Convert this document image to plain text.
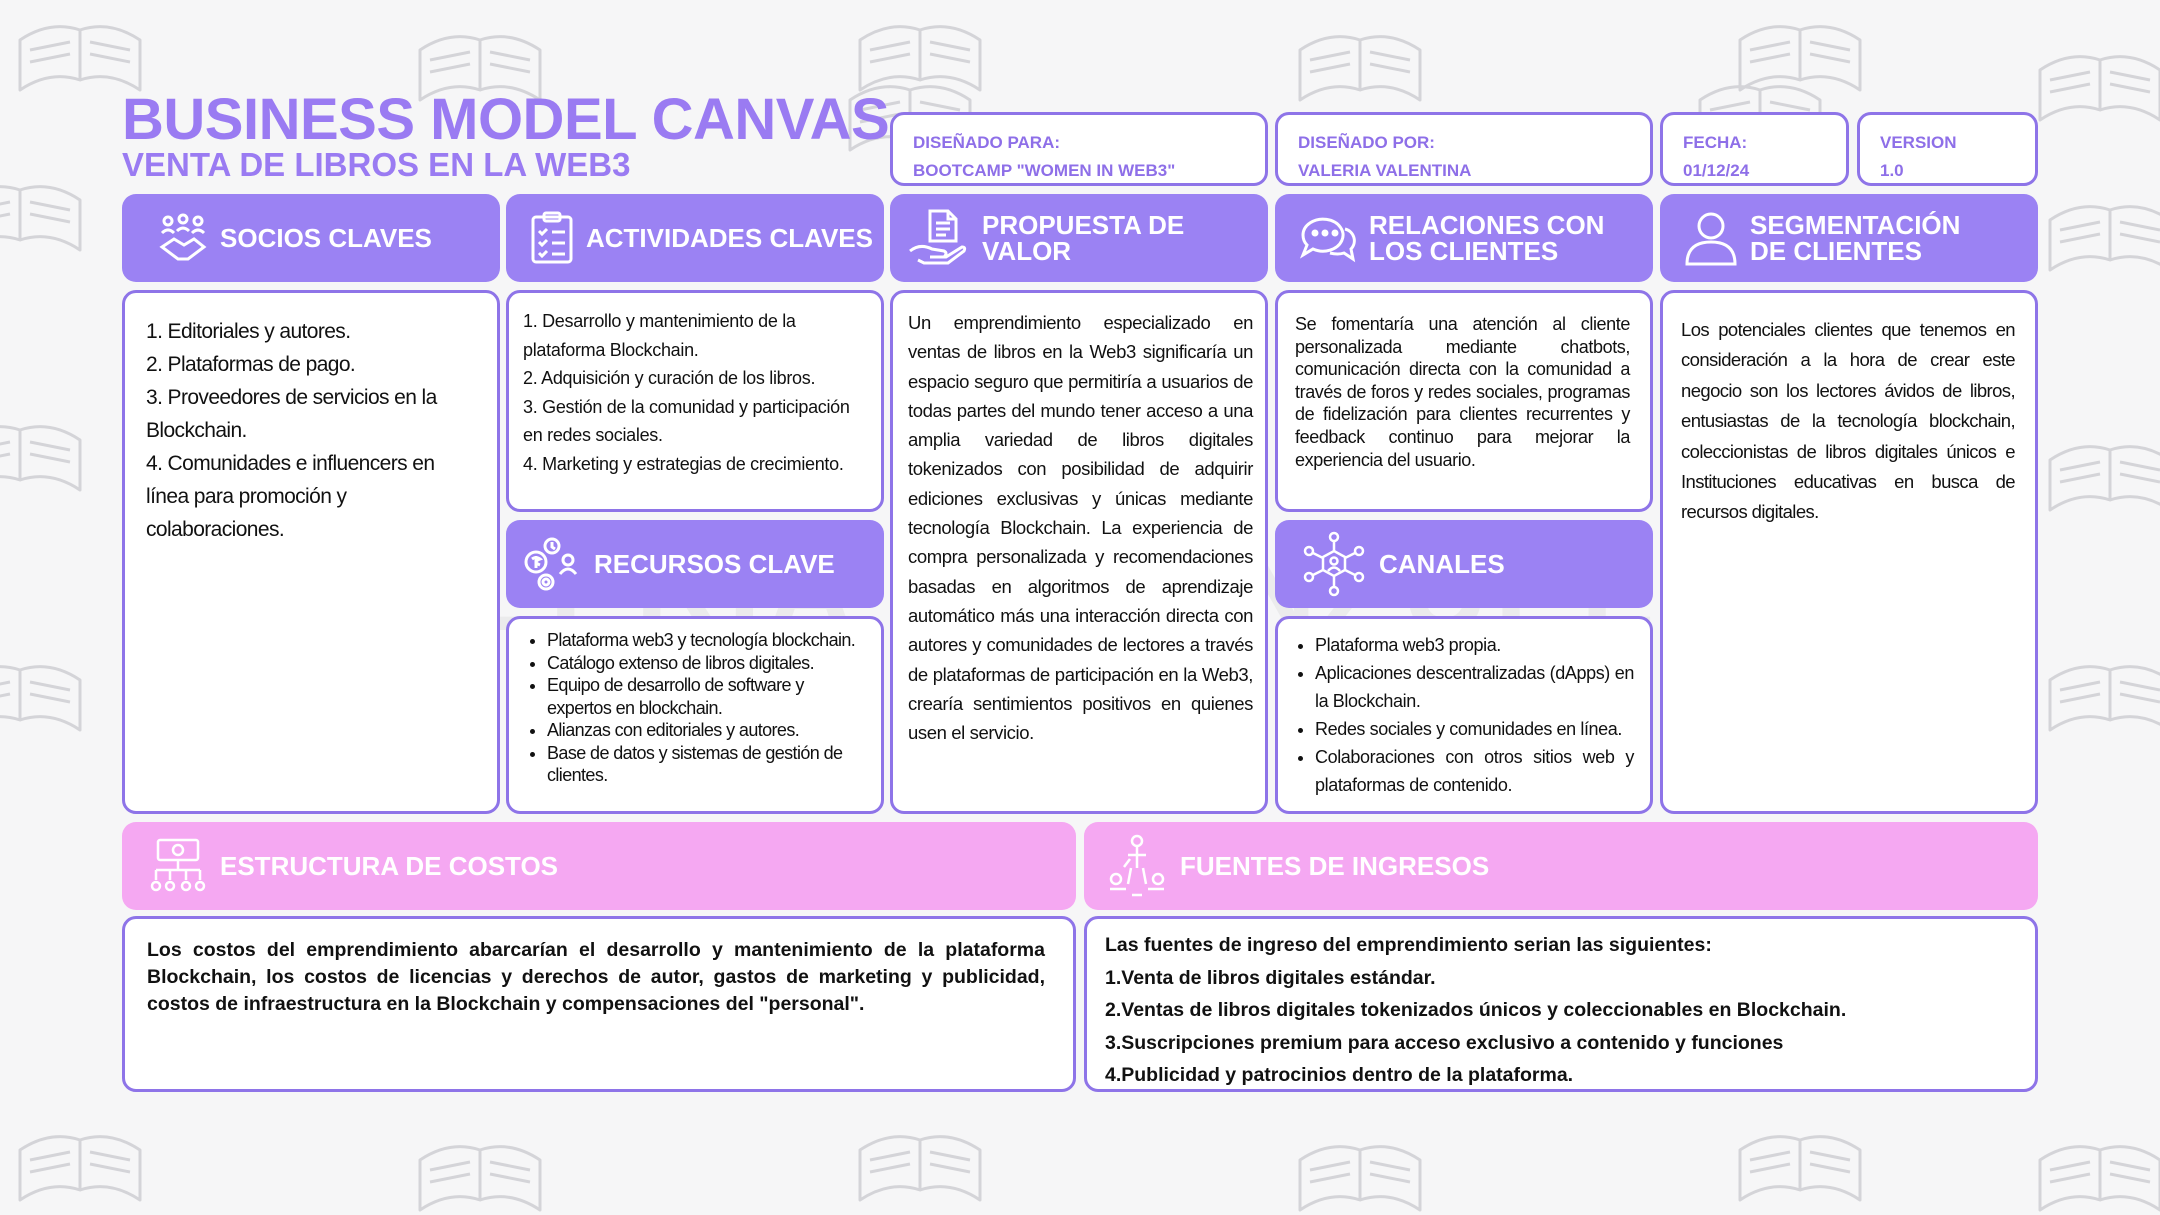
BUSINESS MODEL CANVAS
VENTA DE LIBROS EN LA WEB3
DISEÑADO PARA:
BOOTCAMP "WOMEN IN WEB3"
DISEÑADO POR:
VALERIA VALENTINA
FECHA:
01/12/24
VERSION
1.0
SOCIOS CLAVES
1. Editoriales y autores.
2. Plataformas de pago.
3. Proveedores de servicios en la Blockchain.
4. Comunidades e influencers en línea para promoción y colaboraciones.
ACTIVIDADES CLAVES
1. Desarrollo y mantenimiento de la plataforma Blockchain.
2. Adquisición y curación de los libros.
3. Gestión de la comunidad y participación en redes sociales.
4. Marketing y estrategias de crecimiento.
RECURSOS CLAVE
• Plataforma web3 y tecnología blockchain.
• Catálogo extenso de libros digitales.
• Equipo de desarrollo de software y expertos en blockchain.
• Alianzas con editoriales y autores.
• Base de datos y sistemas de gestión de clientes.
PROPUESTA DE
VALOR
Un emprendimiento especializado en ventas de libros en la Web3 significaría un espacio seguro que permitiría a usuarios de todas partes del mundo tener acceso a una amplia variedad de libros digitales tokenizados con posibilidad de adquirir ediciones exclusivas y únicas mediante tecnología Blockchain. La experiencia de compra personalizada y recomendaciones basadas en algoritmos de aprendizaje automático más una interacción directa con autores y comunidades de lectores a través de plataformas de participación en la Web3, crearía sentimientos positivos en quienes usen el servicio.
RELACIONES CON
LOS CLIENTES
Se fomentaría una atención al cliente personalizada mediante chatbots, comunicación directa con la comunidad a través de foros y redes sociales, programas de fidelización para clientes recurrentes y feedback continuo para mejorar la experiencia del usuario.
CANALES
• Plataforma web3 propia.
• Aplicaciones descentralizadas (dApps) en la Blockchain.
• Redes sociales y comunidades en línea.
• Colaboraciones con otros sitios web y plataformas de contenido.
SEGMENTACIÓN
DE CLIENTES
Los potenciales clientes que tenemos en consideración a la hora de crear este negocio son los lectores ávidos de libros, entusiastas de la tecnología blockchain, coleccionistas de libros digitales únicos e Instituciones educativas en busca de recursos digitales.
ESTRUCTURA DE COSTOS
Los costos del emprendimiento abarcarían el desarrollo y mantenimiento de la plataforma Blockchain, los costos de licencias y derechos de autor, gastos de marketing y publicidad, costos de infraestructura en la Blockchain y compensaciones del "personal".
FUENTES DE INGRESOS
Las fuentes de ingreso del emprendimiento serian las siguientes:
1.Venta de libros digitales estándar.
2.Ventas de libros digitales tokenizados únicos y coleccionables en Blockchain.
3.Suscripciones premium para acceso exclusivo a contenido y funciones
4.Publicidad y patrocinios dentro de la plataforma.
